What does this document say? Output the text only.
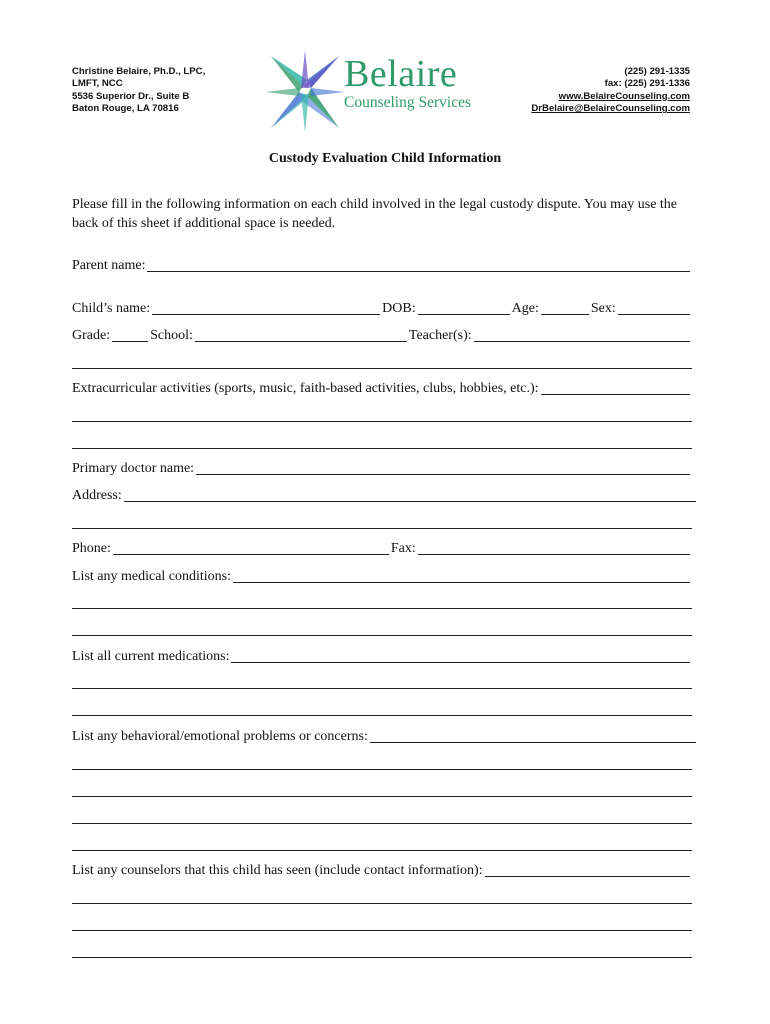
Christine Belaire, Ph.D., LPC,
LMFT, NCC
5536 Superior Dr., Suite B
Baton Rouge, LA 70816
Belaire
Counseling Services
(225) 291-1335
fax: (225) 291-1336
www.BelaireCounseling.com
DrBelaire@BelaireCounseling.com
Custody Evaluation Child Information
Please fill in the following information on each child involved in the legal custody dispute. You may use the back of this sheet if additional space is needed.
Parent name:
Child’s name:	DOB:	Age:	Sex:
Grade:	School:	Teacher(s):
Extracurricular activities (sports, music, faith-based activities, clubs, hobbies, etc.):
Primary doctor name:
Address:
Phone:	Fax:
List any medical conditions:
List all current medications:
List any behavioral/emotional problems or concerns:
List any counselors that this child has seen (include contact information):
